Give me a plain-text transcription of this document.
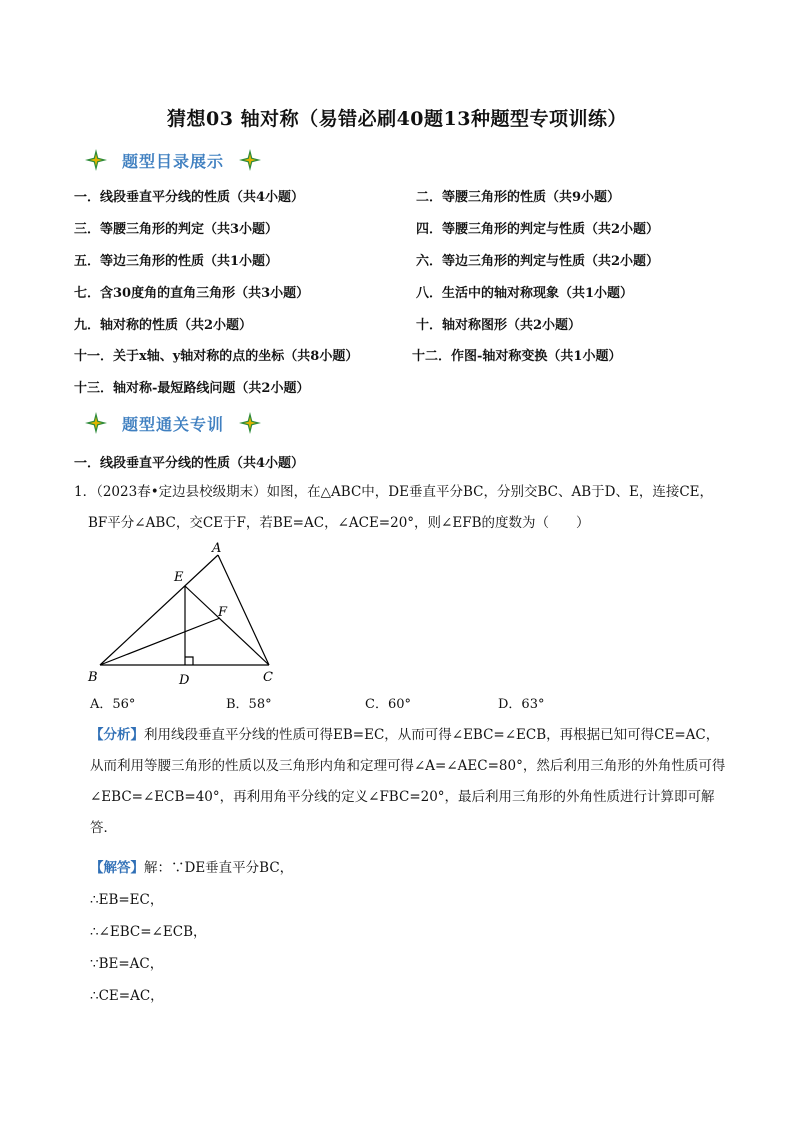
猜想03 轴对称（易错必刷40题13种题型专项训练）
题型目录展示
一．线段垂直平分线的性质（共4小题）	二．等腰三角形的性质（共9小题）
三．等腰三角形的判定（共3小题）	四．等腰三角形的判定与性质（共2小题）
五．等边三角形的性质（共1小题）	六．等边三角形的判定与性质（共2小题）
七．含30度角的直角三角形（共3小题）	八．生活中的轴对称现象（共1小题）
九．轴对称的性质（共2小题）	十．轴对称图形（共2小题）
十一．关于x轴、y轴对称的点的坐标（共8小题）	十二．作图-轴对称变换（共1小题）
十三．轴对称-最短路线问题（共2小题）
题型通关专训
一．线段垂直平分线的性质（共4小题）
1．（2023春•定边县校级期末）如图，在△ABC中，DE垂直平分BC，分别交BC、AB于D、E，连接CE，
BF平分∠ABC，交CE于F，若BE=AC，∠ACE=20°，则∠EFB的度数为（　　）
A
B	C
D
E
F
A．56°	B．58°	C．60°	D．63°
【分析】利用线段垂直平分线的性质可得EB=EC，从而可得∠EBC=∠ECB，再根据已知可得CE=AC，从而利用等腰三角形的性质以及三角形内角和定理可得∠A=∠AEC=80°，然后利用三角形的外角性质可得∠EBC=∠ECB=40°，再利用角平分线的定义∠FBC=20°，最后利用三角形的外角性质进行计算即可解答．
【解答】解：∵DE垂直平分BC，
∴EB=EC，
∴∠EBC=∠ECB，
∵BE=AC，
∴CE=AC，
